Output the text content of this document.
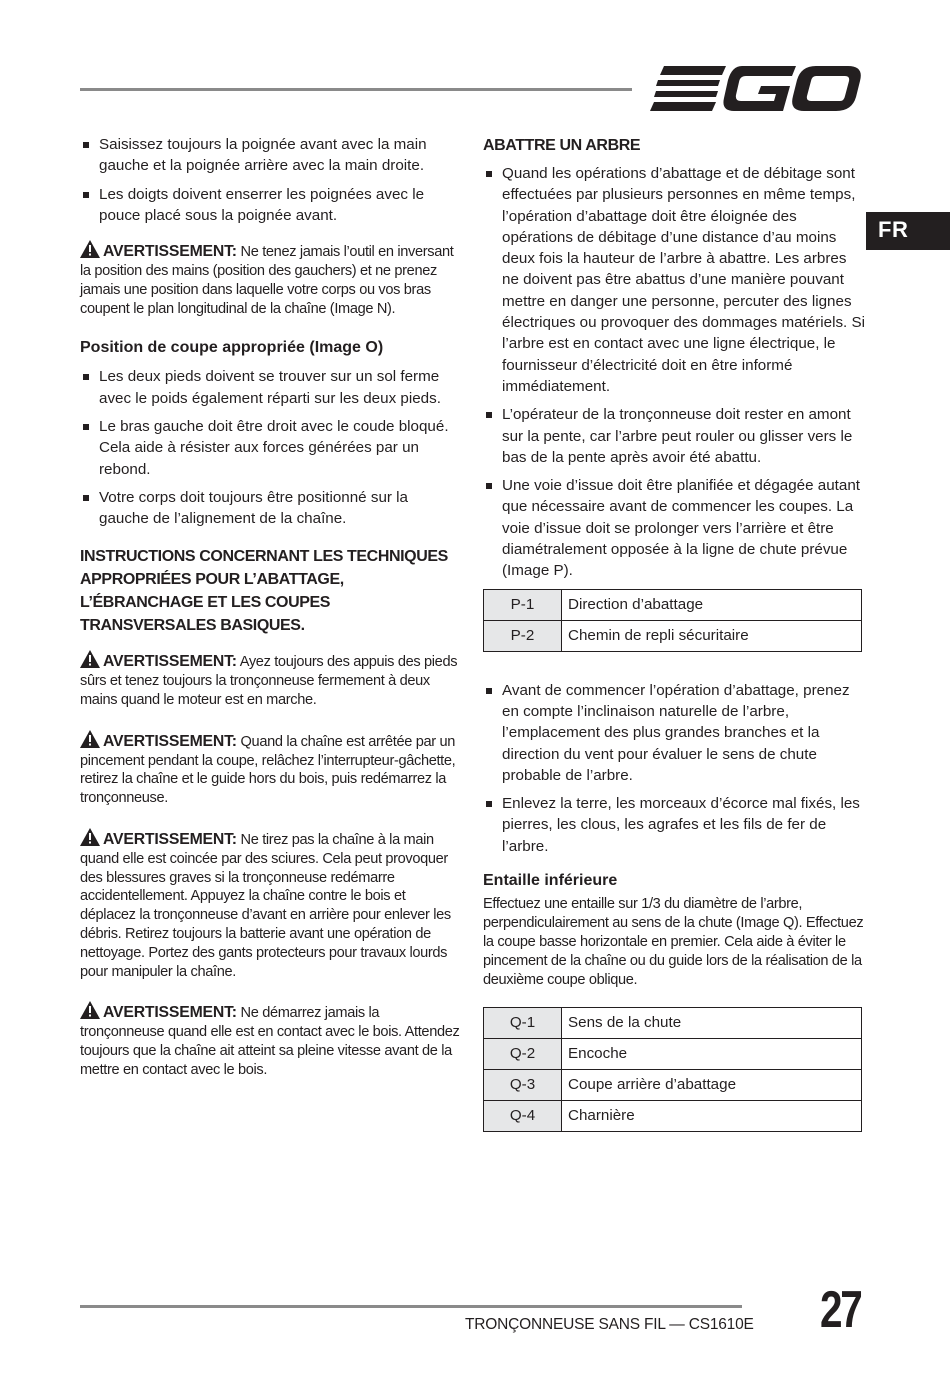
FR
Saisissez toujours la poignée avant avec la main gauche et la poignée arrière avec la main droite.
Les doigts doivent enserrer les poignées avec le pouce placé sous la poignée avant.

AVERTISSEMENT: Ne tenez jamais l’outil en inversant la position des mains (position des gauchers) et ne prenez jamais une position dans laquelle votre corps ou vos bras coupent le plan longitudinal de la chaîne (Image N).

Position de coupe appropriée (Image O)
Les deux pieds doivent se trouver sur un sol ferme avec le poids également réparti sur les deux pieds.
Le bras gauche doit être droit avec le coude bloqué. Cela aide à résister aux forces générées par un rebond.
Votre corps doit toujours être positionné sur la gauche de l’alignement de la chaîne.
INSTRUCTIONS CONCERNANT LES TECHNIQUES APPROPRIÉES POUR L’ABATTAGE, L’ÉBRANCHAGE ET LES COUPES TRANSVERSALES BASIQUES.

AVERTISSEMENT: Ayez toujours des appuis des pieds sûrs et tenez toujours la tronçonneuse fermement à deux mains quand le moteur est en marche.

AVERTISSEMENT: Quand la chaîne est arrêtée par un pincement pendant la coupe, relâchez l’interrupteur-gâchette, retirez la chaîne et le guide hors du bois, puis redémarrez la tronçonneuse.

AVERTISSEMENT: Ne tirez pas la chaîne à la main quand elle est coincée par des sciures. Cela peut provoquer des blessures graves si la tronçonneuse redémarre accidentellement. Appuyez la chaîne contre le bois et déplacez la tronçonneuse d’avant en arrière pour enlever les débris. Retirez toujours la batterie avant une opération de nettoyage. Portez des gants protecteurs pour travaux lourds pour manipuler la chaîne.

AVERTISSEMENT: Ne démarrez jamais la tronçonneuse quand elle est en contact avec le bois. Attendez toujours que la chaîne ait atteint sa pleine vitesse avant de la mettre en contact avec le bois.

ABATTRE UN ARBRE
Quand les opérations d’abattage et de débitage sont effectuées par plusieurs personnes en même temps, l’opération d’abattage doit être éloignée des opérations de débitage d’une distance d’au moins deux fois la hauteur de l’arbre à abattre. Les arbres ne doivent pas être abattus d’une manière pouvant mettre en danger une personne, percuter des lignes électriques ou provoquer des dommages matériels. Si l’arbre est en contact avec une ligne électrique, le fournisseur d’électricité doit en être informé immédiatement.
L’opérateur de la tronçonneuse doit rester en amont sur la pente, car l’arbre peut rouler ou glisser vers le bas de la pente après avoir été abattu.
Une voie d’issue doit être planifiée et dégagée autant que nécessaire avant de commencer les coupes. La voie d’issue doit se prolonger vers l’arrière et être diamétralement opposée à la ligne de chute prévue (Image P).
P-1	Direction d’abattage
P-2	Chemin de repli sécuritaire
Avant de commencer l’opération d’abattage, prenez en compte l’inclinaison naturelle de l’arbre, l’emplacement des plus grandes branches et la direction du vent pour évaluer le sens de chute probable de l’arbre.
Enlevez la terre, les morceaux d’écorce mal fixés, les pierres, les clous, les agrafes et les fils de fer de l’arbre.
Entaille inférieure

Effectuez une entaille sur 1/3 du diamètre de l’arbre, perpendiculairement au sens de la chute (Image Q). Effectuez la coupe basse horizontale en premier. Cela aide à éviter le pincement de la chaîne ou du guide lors de la réalisation de la deuxième coupe oblique.

Q-1	Sens de la chute
Q-2	Encoche
Q-3	Coupe arrière d’abattage
Q-4	Charnière
TRONÇONNEUSE SANS FIL — CS1610E 27
